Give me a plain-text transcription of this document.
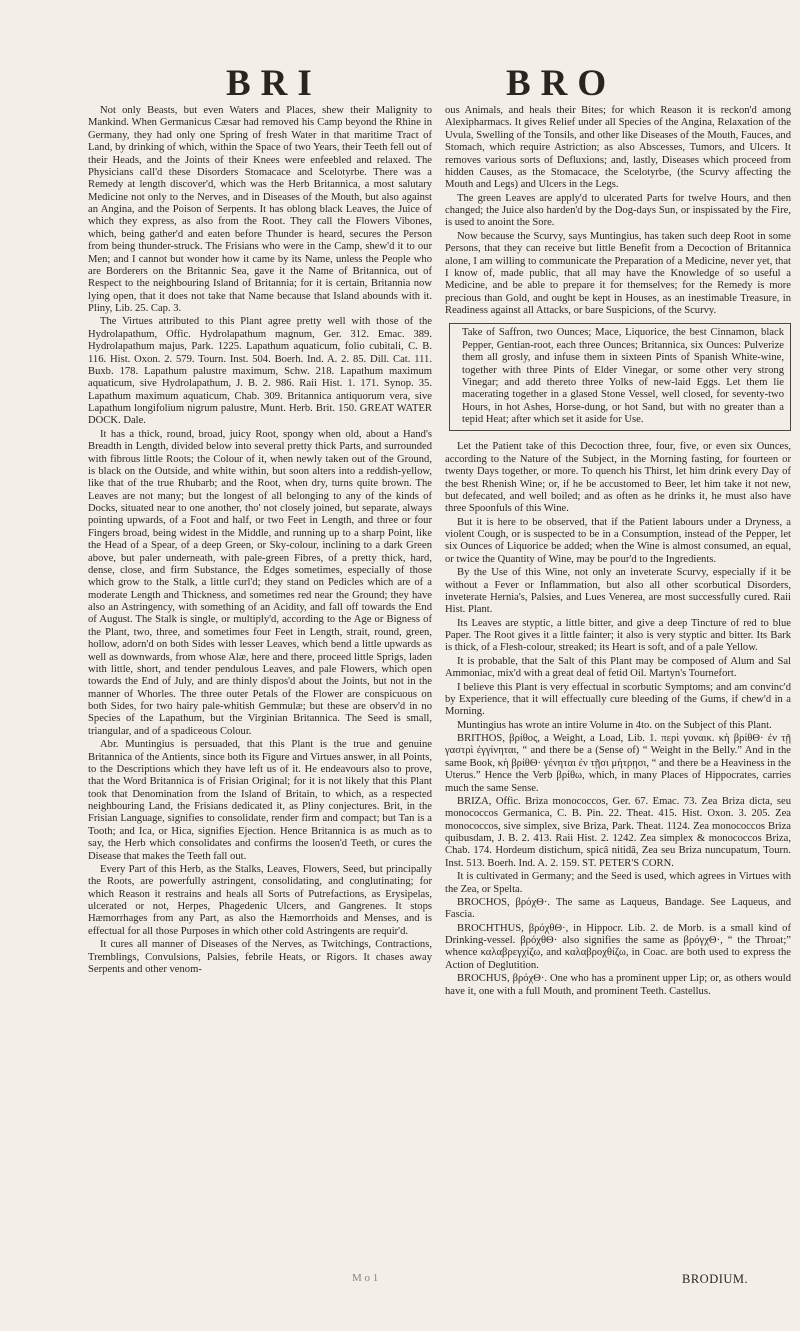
BRI	BRO

Not only Beasts, but even Waters and Places, shew their Malignity to Mankind. When Germanicus Cæsar had removed his Camp beyond the Rhine in Germany, they had only one Spring of fresh Water in that maritime Tract of Land, by drinking of which, within the Space of two Years, their Teeth fell out of their Heads, and the Joints of their Knees were enfeebled and relaxed. The Physicians call'd these Disorders Stomacace and Scelotyrbe. There was a Remedy at length discover'd, which was the Herb Britannica, a most salutary Medicine not only to the Nerves, and in Diseases of the Mouth, but also against an Angina, and the Poison of Serpents. It has oblong black Leaves, the Juice of which they express, as also from the Root. They call the Flowers Vibones, which, being gather'd and eaten before Thunder is heard, secures the Person from being thunder-struck. The Frisians who were in the Camp, shew'd it to our Men; and I cannot but wonder how it came by its Name, unless the People who are Borderers on the Britannic Sea, gave it the Name of Britannica, out of Respect to the neighbouring Island of Britannia; for it is certain, Britannia now lying open, that it does not take that Name because that Island abounds with it. Pliny, Lib. 25. Cap. 3.

The Virtues attributed to this Plant agree pretty well with those of the Hydrolapathum, Offic. Hydrolapathum magnum, Ger. 312. Emac. 389. Hydrolapathum majus, Park. 1225. Lapathum aquaticum, folio cubitali, C. B. 116. Hist. Oxon. 2. 579. Tourn. Inst. 504. Boerh. Ind. A. 2. 85. Dill. Cat. 111. Buxb. 178. Lapathum palustre maximum, Schw. 218. Lapathum maximum aquaticum, sive Hydrolapathum, J. B. 2. 986. Raii Hist. 1. 171. Synop. 35. Lapathum maximum aquaticum, Chab. 309. Britannica antiquorum vera, sive Lapathum longifolium nigrum palustre, Munt. Herb. Brit. 150. GREAT WATER DOCK. Dale.

It has a thick, round, broad, juicy Root, spongy when old, about a Hand's Breadth in Length, divided below into several pretty thick Parts, and surrounded with fibrous little Roots; the Colour of it, when newly taken out of the Ground, is black on the Outside, and white within, but soon alters into a reddish-yellow, like that of the true Rhubarb; and the Root, when dry, turns quite brown. The Leaves are not many; but the longest of all belonging to any of the kinds of Docks, situated near to one another, tho' not closely joined, but separate, always pointing upwards, of a Foot and half, or two Feet in Length, and three or four Fingers broad, being widest in the Middle, and running up to a sharp Point, like the Head of a Spear, of a deep Green, or Sky-colour, inclining to a dark Green above, but paler underneath, with pale-green Fibres, of a pretty thick, hard, dense, close, and firm Substance, the Edges sometimes, especially of those which grow to the Stalk, a little curl'd; they stand on Pedicles which are of a moderate Length and Thickness, and sometimes red near the Ground; they have also an Astringency, with something of an Acidity, and fall off towards the End of August. The Stalk is single, or multiply'd, according to the Age or Bigness of the Plant, two, three, and sometimes four Feet in Length, strait, round, green, hollow, adorn'd on both Sides with lesser Leaves, which bend a little upwards as well as downwards, from whose Alæ, here and there, proceed little Sprigs, laden with little, short, and tender pendulous Leaves, and pale Flowers, which open towards the End of July, and are thinly dispos'd about the Joints, but not in the manner of Whorles. The three outer Petals of the Flower are conspicuous on both Sides, for two hairy pale-whitish Gemmulæ; but these are observ'd in no Species of the Lapathum, but the Virginian Britannica. The Seed is small, triangular, and of a spadiceous Colour.

Abr. Muntingius is persuaded, that this Plant is the true and genuine Britannica of the Antients, since both its Figure and Virtues answer, in all Points, to the Descriptions which they have left us of it. He endeavours also to prove, that the Word Britannica is of Frisian Original; for it is not likely that this Plant took that Denomination from the Island of Britain, to which, as a respected neighbouring Land, the Frisians dedicated it, as Pliny conjectures. Brit, in the Frisian Language, signifies to consolidate, render firm and compact; but Tan is a Tooth; and Ica, or Hica, signifies Ejection. Hence Britannica is as much as to say, the Herb which consolidates and confirms the loosen'd Teeth, or cures the Disease that makes the Teeth fall out.

Every Part of this Herb, as the Stalks, Leaves, Flowers, Seed, but principally the Roots, are powerfully astringent, consolidating, and conglutinating; for which Reason it restrains and heals all Sorts of Putrefactions, as Erysipelas, ulcerated or not, Herpes, Phagedenic Ulcers, and Gangrenes. It stops Hæmorrhages from any Part, as also the Hæmorrhoids and Menses, and is effectual for all those Purposes in which other cold Astringents are requir'd.

It cures all manner of Diseases of the Nerves, as Twitchings, Contractions, Tremblings, Convulsions, Palsies, febrile Heats, or Rigors. It chases away Serpents and other venom-

ous Animals, and heals their Bites; for which Reason it is reckon'd among Alexipharmacs. It gives Relief under all Species of the Angina, Relaxation of the Uvula, Swelling of the Tonsils, and other like Diseases of the Mouth, Fauces, and Stomach, which require Astriction; as also Abscesses, Tumors, and Ulcers. It removes various sorts of Defluxions; and, lastly, Diseases which proceed from hidden Causes, as the Stomacace, the Scelotyrbe, (the Scurvy affecting the Mouth and Legs) and Ulcers in the Legs.

The green Leaves are apply'd to ulcerated Parts for twelve Hours, and then changed; the Juice also harden'd by the Dog-days Sun, or inspissated by the Fire, is used to anoint the Sore.

Now because the Scurvy, says Muntingius, has taken such deep Root in some Persons, that they can receive but little Benefit from a Decoction of Britannica alone, I am willing to communicate the Preparation of a Medicine, never yet, that I know of, made public, that all may have the Knowledge of so useful a Medicine, and be able to prepare it for themselves; for the Remedy is more precious than Gold, and ought be kept in Houses, as an inestimable Treasure, in Readiness against all Attacks, or bare Suspicions, of the Scurvy.

Take of Saffron, two Ounces; Mace, Liquorice, the best Cinnamon, black Pepper, Gentian-root, each three Ounces; Britannica, six Ounces: Pulverize them all grosly, and infuse them in sixteen Pints of Spanish White-wine, together with three Pints of Elder Vinegar, or some other very strong Vinegar; and add thereto three Yolks of new-laid Eggs. Let them lie macerating together in a glased Stone Vessel, well closed, for seventy-two Hours, in hot Ashes, Horse-dung, or hot Sand, but with no greater than a tepid Heat; after which set it aside for Use.

Let the Patient take of this Decoction three, four, five, or even six Ounces, according to the Nature of the Subject, in the Morning fasting, for fourteen or twenty Days together, or more. To quench his Thirst, let him drink every Day of the best Rhenish Wine; or, if he be accustomed to Beer, let him take it not new, but defecated, and well boiled; and as often as he drinks it, he must also have three Spoonfuls of this Wine.

But it is here to be observed, that if the Patient labours under a Dryness, a violent Cough, or is suspected to be in a Consumption, instead of the Pepper, let six Ounces of Liquorice be added; when the Wine is almost consumed, an equal, or twice the Quantity of Wine, may be pour'd to the Ingredients.

By the Use of this Wine, not only an inveterate Scurvy, especially if it be without a Fever or Inflammation, but also all other scorbutical Disorders, inveterate Hernia's, Palsies, and Lues Venerea, are most successfully cured. Raii Hist. Plant.

Its Leaves are styptic, a little bitter, and give a deep Tincture of red to blue Paper. The Root gives it a little fainter; it also is very styptic and bitter. Its Bark is thick, of a Flesh-colour, streaked; its Heart is soft, and of a pale Yellow.

It is probable, that the Salt of this Plant may be composed of Alum and Sal Ammoniac, mix'd with a great deal of fetid Oil. Martyn's Tournefort.

I believe this Plant is very effectual in scorbutic Symptoms; and am convinc'd by Experience, that it will effectually cure bleeding of the Gums, if chew'd in a Morning.

Muntingius has wrote an intire Volume in 4to. on the Subject of this Plant.

BRITHOS, βρίθος, a Weight, a Load, Lib. 1. περὶ γυναικ. κὴ βρίθΘ· ἐν τῇ γαστρὶ ἐγγίνηται, “ and there be a (Sense of) “ Weight in the Belly.” And in the same Book, κὴ βρίθΘ· γένηται ἐν τῇσι μήτρῃσι, “ and there be a Heaviness in the Uterus.” Hence the Verb βρίθω, which, in many Places of Hippocrates, carries much the same Sense.

BRIZA, Offic. Briza monococcos, Ger. 67. Emac. 73. Zea Briza dicta, seu monococcos Germanica, C. B. Pin. 22. Theat. 415. Hist. Oxon. 3. 205. Zea monococcos, sive simplex, sive Briza, Park. Theat. 1124. Zea monococcos Briza quibusdam, J. B. 2. 413. Raii Hist. 2. 1242. Zea simplex & monococcos Briza, Chab. 174. Hordeum distichum, spicâ nitidâ, Zea seu Briza nuncupatum, Tourn. Inst. 513. Boerh. Ind. A. 2. 159. ST. PETER'S CORN.

It is cultivated in Germany; and the Seed is used, which agrees in Virtues with the Zea, or Spelta.

BROCHOS, βρόχΘ·. The same as Laqueus, Bandage. See Laqueus, and Fascia.

BROCHTHUS, βρόχθΘ·, in Hippocr. Lib. 2. de Morb. is a small kind of Drinking-vessel. βρόχθΘ· also signifies the same as βρόγχΘ·, “ the Throat;” whence καλαβρεγχίζω, and καλαβροχθίζω, in Coac. are both used to express the Action of Deglutition.

BROCHUS, βρόχΘ·. One who has a prominent upper Lip; or, as others would have it, one with a full Mouth, and prominent Teeth. Castellus.

M o 1	BRODIUM.
